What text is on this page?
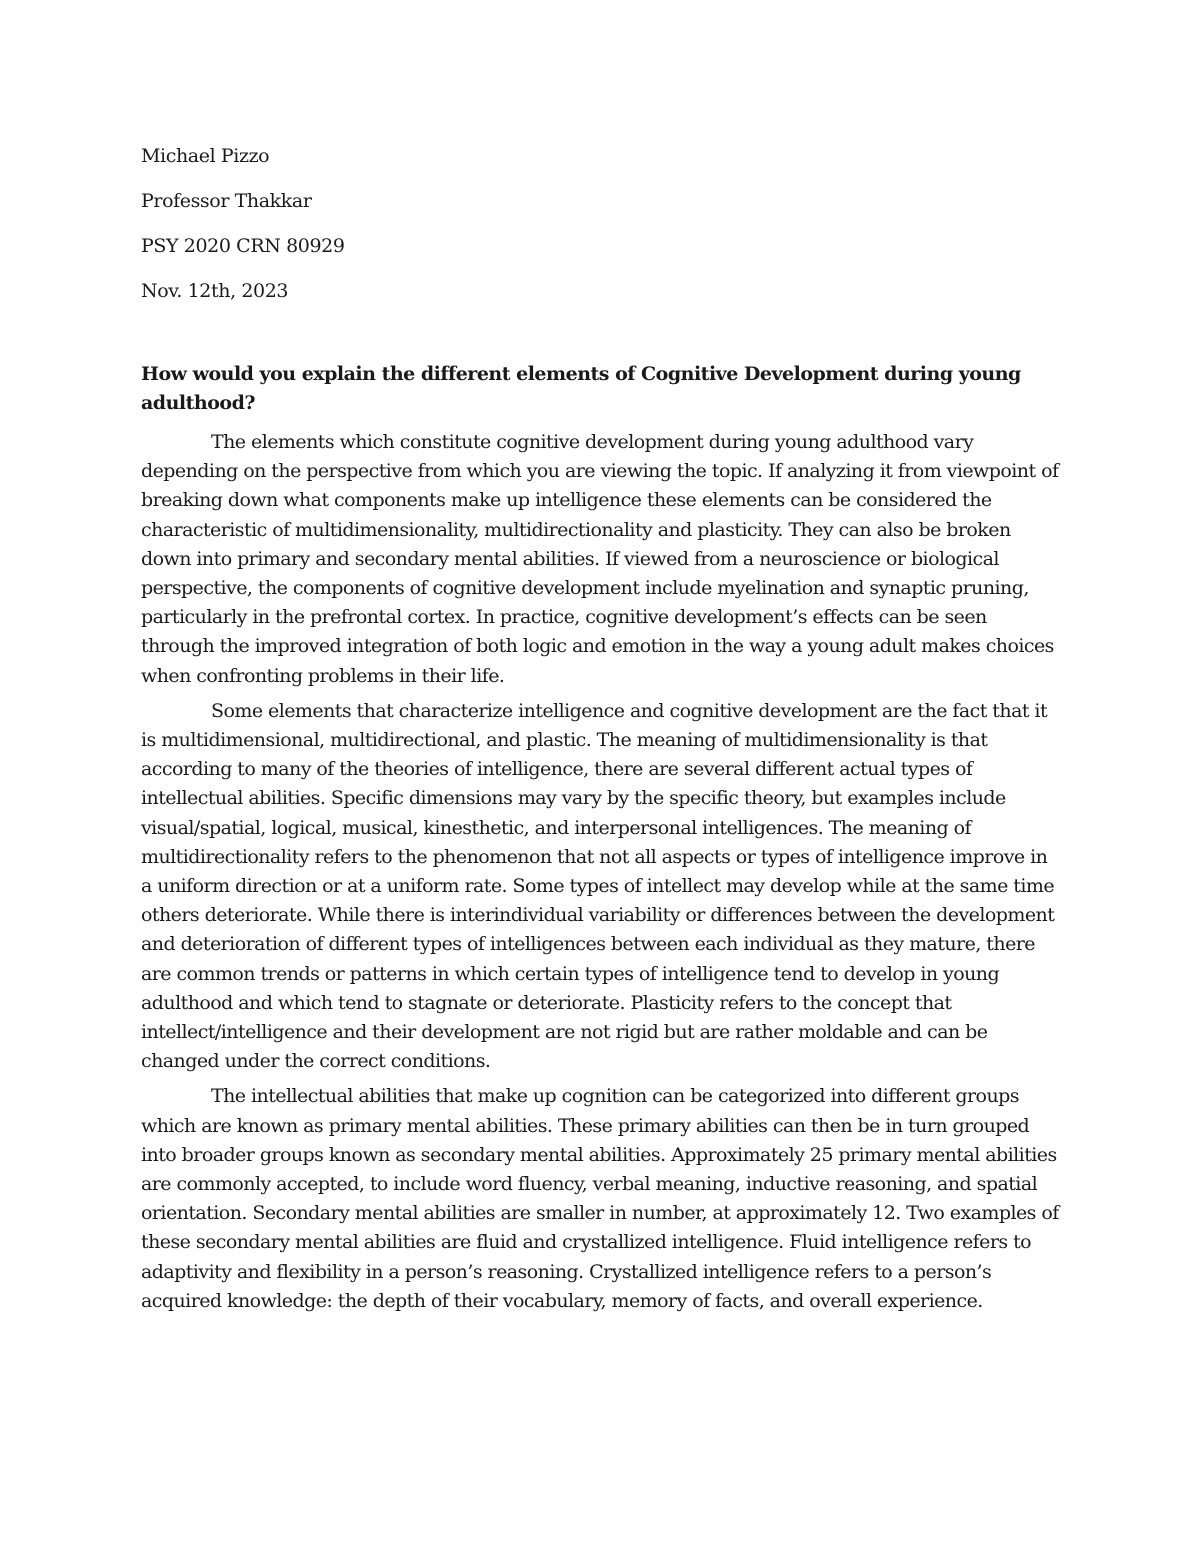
Michael Pizzo

Professor Thakkar

PSY 2020 CRN 80929

Nov. 12th, 2023

How would you explain the different elements of Cognitive Development during young adulthood?

The elements which constitute cognitive development during young adulthood vary depending on the perspective from which you are viewing the topic. If analyzing it from viewpoint of breaking down what components make up intelligence these elements can be considered the characteristic of multidimensionality, multidirectionality and plasticity. They can also be broken down into primary and secondary mental abilities. If viewed from a neuroscience or biological perspective, the components of cognitive development include myelination and synaptic pruning, particularly in the prefrontal cortex. In practice, cognitive development’s effects can be seen through the improved integration of both logic and emotion in the way a young adult makes choices when confronting problems in their life.

Some elements that characterize intelligence and cognitive development are the fact that it is multidimensional, multidirectional, and plastic. The meaning of multidimensionality is that according to many of the theories of intelligence, there are several different actual types of intellectual abilities. Specific dimensions may vary by the specific theory, but examples include visual/spatial, logical, musical, kinesthetic, and interpersonal intelligences. The meaning of multidirectionality refers to the phenomenon that not all aspects or types of intelligence improve in a uniform direction or at a uniform rate. Some types of intellect may develop while at the same time others deteriorate. While there is interindividual variability or differences between the development and deterioration of different types of intelligences between each individual as they mature, there are common trends or patterns in which certain types of intelligence tend to develop in young adulthood and which tend to stagnate or deteriorate. Plasticity refers to the concept that intellect/intelligence and their development are not rigid but are rather moldable and can be changed under the correct conditions.

The intellectual abilities that make up cognition can be categorized into different groups which are known as primary mental abilities. These primary abilities can then be in turn grouped into broader groups known as secondary mental abilities. Approximately 25 primary mental abilities are commonly accepted, to include word fluency, verbal meaning, inductive reasoning, and spatial orientation. Secondary mental abilities are smaller in number, at approximately 12. Two examples of these secondary mental abilities are fluid and crystallized intelligence. Fluid intelligence refers to adaptivity and flexibility in a person’s reasoning. Crystallized intelligence refers to a person’s acquired knowledge: the depth of their vocabulary, memory of facts, and overall experience.
